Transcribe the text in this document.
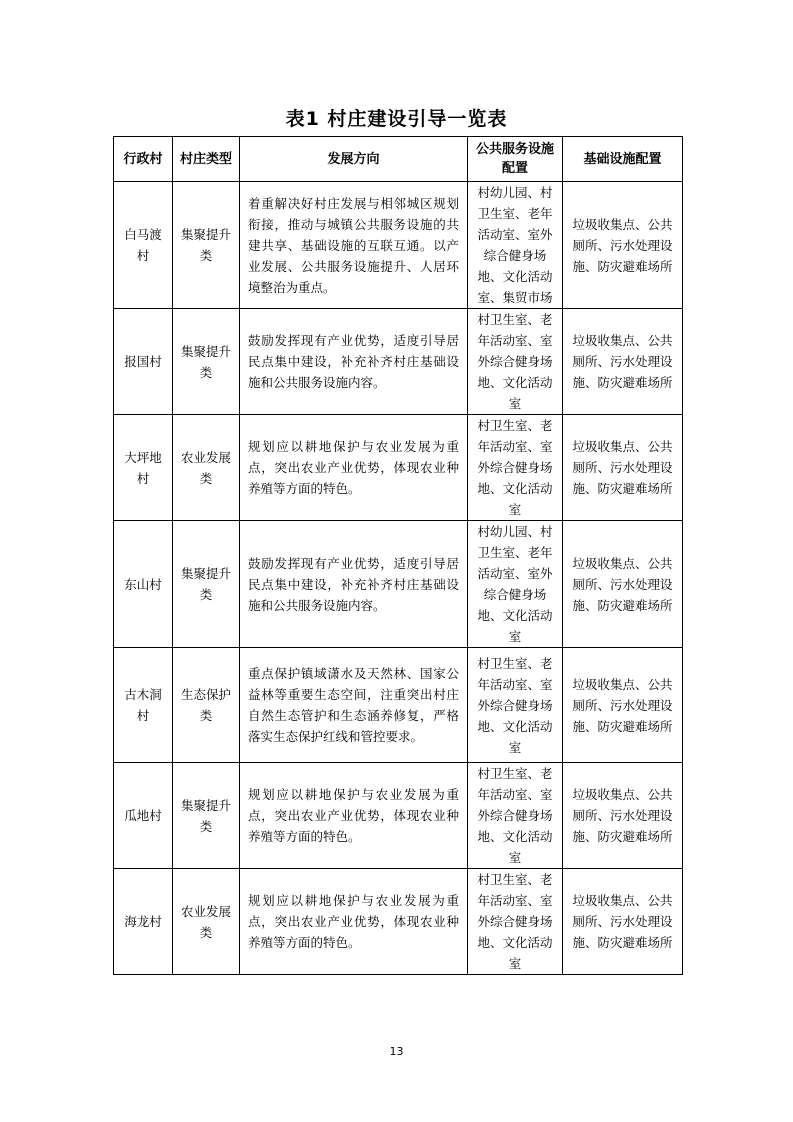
表1 村庄建设引导一览表
行政村	村庄类型	发展方向	公共服务设施配置	基础设施配置
白马渡村	集聚提升类	着重解决好村庄发展与相邻城区规划衔接，推动与城镇公共服务设施的共建共享、基础设施的互联互通。以产业发展、公共服务设施提升、人居环境整治为重点。	村幼儿园、村卫生室、老年活动室、室外综合健身场地、文化活动室、集贸市场	垃圾收集点、公共厕所、污水处理设施、防灾避难场所
报国村	集聚提升类	鼓励发挥现有产业优势，适度引导居民点集中建设，补充补齐村庄基础设施和公共服务设施内容。	村卫生室、老年活动室、室外综合健身场地、文化活动室	垃圾收集点、公共厕所、污水处理设施、防灾避难场所
大坪地村	农业发展类	规划应以耕地保护与农业发展为重点，突出农业产业优势，体现农业种养殖等方面的特色。	村卫生室、老年活动室、室外综合健身场地、文化活动室	垃圾收集点、公共厕所、污水处理设施、防灾避难场所
东山村	集聚提升类	鼓励发挥现有产业优势，适度引导居民点集中建设，补充补齐村庄基础设施和公共服务设施内容。	村幼儿园、村卫生室、老年活动室、室外综合健身场地、文化活动室	垃圾收集点、公共厕所、污水处理设施、防灾避难场所
古木洞村	生态保护类	重点保护镇域潇水及天然林、国家公益林等重要生态空间，注重突出村庄自然生态管护和生态涵养修复，严格落实生态保护红线和管控要求。	村卫生室、老年活动室、室外综合健身场地、文化活动室	垃圾收集点、公共厕所、污水处理设施、防灾避难场所
瓜地村	集聚提升类	规划应以耕地保护与农业发展为重点，突出农业产业优势，体现农业种养殖等方面的特色。	村卫生室、老年活动室、室外综合健身场地、文化活动室	垃圾收集点、公共厕所、污水处理设施、防灾避难场所
海龙村	农业发展类	规划应以耕地保护与农业发展为重点，突出农业产业优势，体现农业种养殖等方面的特色。	村卫生室、老年活动室、室外综合健身场地、文化活动室	垃圾收集点、公共厕所、污水处理设施、防灾避难场所
13
